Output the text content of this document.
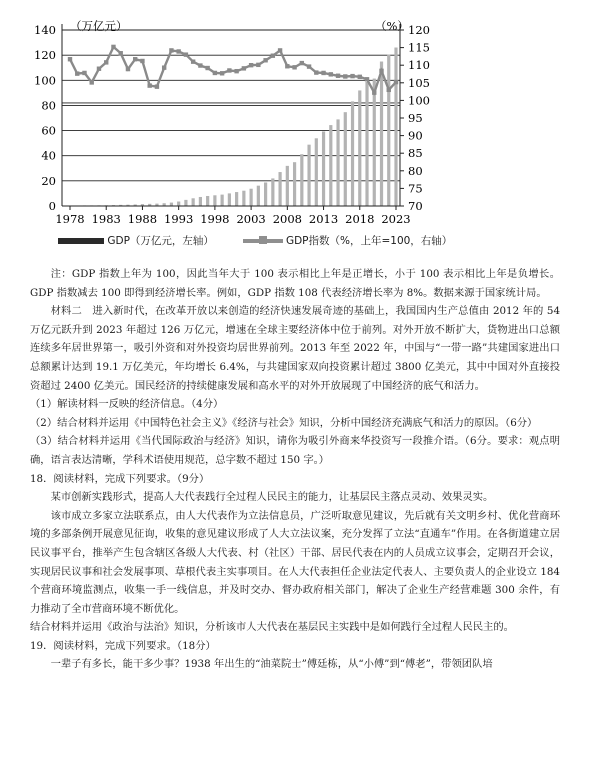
0
20
40
60
80
100
120
140
70
75
80
85
90
95
100
105
110
115
120
1978 1983 1988 1993 1998 2003 2008 2013 2018 2023
（万亿元）	（%）
GDP（万亿元，左轴）	GDP指数（%，上年=100，右轴）

注：GDP 指数上年为 100，因此当年大于 100 表示相比上年是正增长，小于 100 表示相比上年是负增长。GDP 指数减去 100 即得到经济增长率。例如，GDP 指数 108 代表经济增长率为 8%。数据来源于国家统计局。

材料二　进入新时代，在改革开放以来创造的经济快速发展奇迹的基础上，我国国内生产总值由 2012 年的 54 万亿元跃升到 2023 年超过 126 万亿元，增速在全球主要经济体中位于前列。对外开放不断扩大，货物进出口总额连续多年居世界第一，吸引外资和对外投资均居世界前列。2013 年至 2022 年，中国与“一带一路”共建国家进出口总额累计达到 19.1 万亿美元，年均增长 6.4%，与共建国家双向投资累计超过 3800 亿美元，其中中国对外直接投资超过 2400 亿美元。国民经济的持续健康发展和高水平的对外开放展现了中国经济的底气和活力。

（1）解读材料一反映的经济信息。（4分）

（2）结合材料并运用《中国特色社会主义》《经济与社会》知识，分析中国经济充满底气和活力的原因。（6分）

（3）结合材料并运用《当代国际政治与经济》知识，请你为吸引外商来华投资写一段推介语。（6分。要求：观点明确，语言表达清晰，学科术语使用规范，总字数不超过 150 字。）

18．阅读材料，完成下列要求。（9分）

某市创新实践形式，提高人大代表践行全过程人民民主的能力，让基层民主落点灵动、效果灵实。

该市成立多家立法联系点，由人大代表作为立法信息员，广泛听取意见建议，先后就有关文明乡村、优化营商环境的多部条例开展意见征询，收集的意见建议形成了人大立法议案，充分发挥了立法“直通车”作用。在各街道建立居民议事平台，推举产生包含辖区各级人大代表、村（社区）干部、居民代表在内的人员成立议事会，定期召开会议，实现居民议事和社会发展事项、草根代表主实事项目。在人大代表担任企业法定代表人、主要负责人的企业设立 184 个营商环境监测点，收集一手一线信息，并及时交办、督办政府相关部门，解决了企业生产经营难题 300 余件，有力推动了全市营商环境不断优化。

结合材料并运用《政治与法治》知识，分析该市人大代表在基层民主实践中是如何践行全过程人民民主的。

19．阅读材料，完成下列要求。（18分）

一辈子有多长，能干多少事？1938 年出生的“油菜院士”傅廷栋，从“小傅”到“傅老”，带领团队培
